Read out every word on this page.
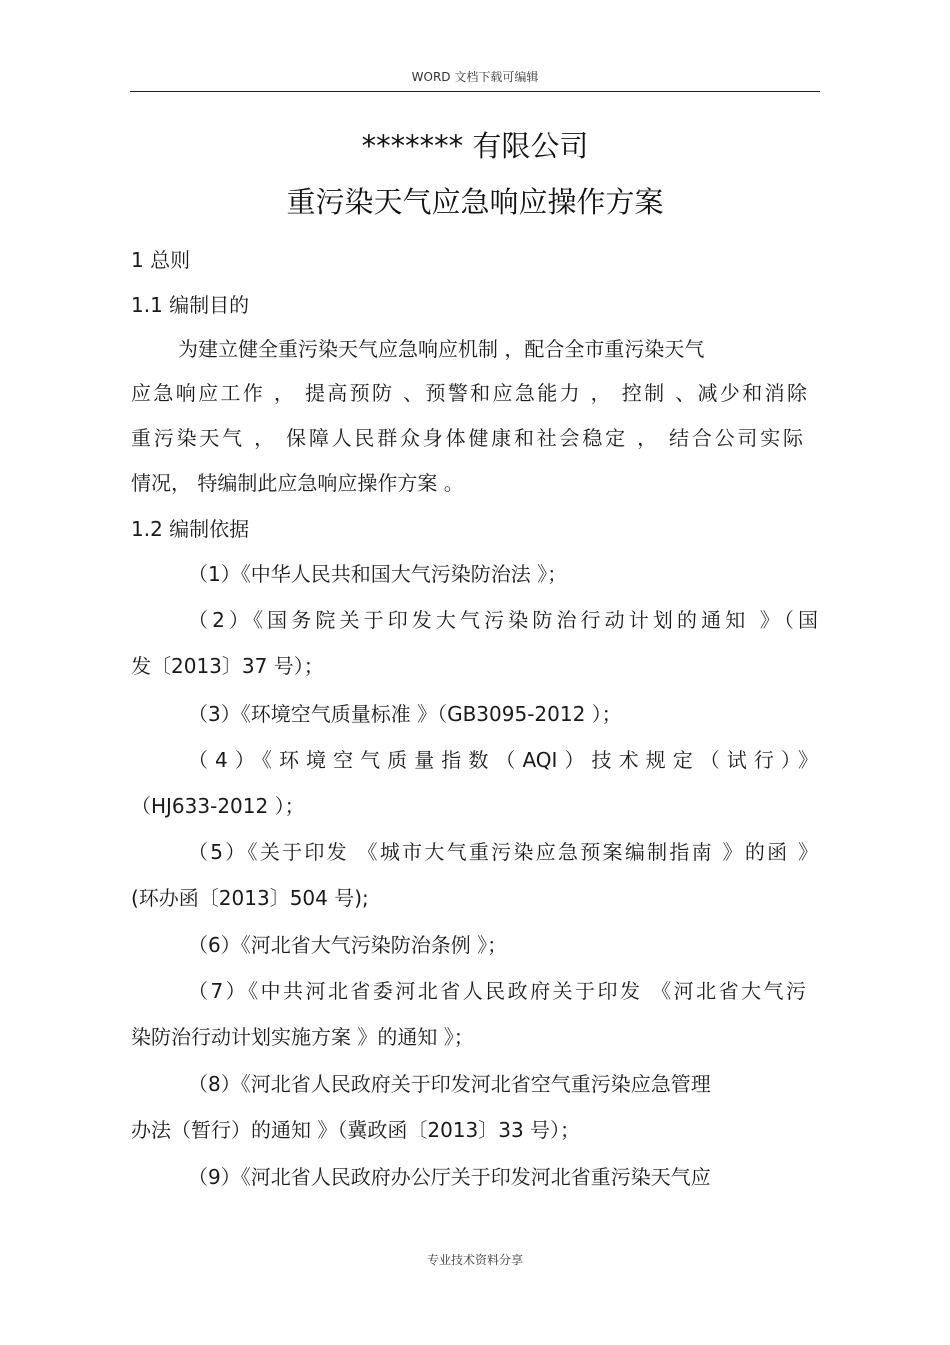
WORD 文档下载可编辑
******* 有限公司
重污染天气应急响应操作方案
1 总则
1.1 编制目的
为建立健全重污染天气应急响应机制 ，配合全市重污染天气
应急响应工作 ， 提高预防 、预警和应急能力 ， 控制 、减少和消除
重污染天气 ， 保障人民群众身体健康和社会稳定 ， 结合公司实际
情况， 特编制此应急响应操作方案 。
1.2 编制依据
（1）《中华人民共和国大气污染防治法 》；
（2）《国务院关于印发大气污染防治行动计划的通知 》（国
发〔2013〕37 号）；
（3）《环境空气质量标准 》（GB3095-2012 ）；
（4）《环境空气质量指数（AQI）技术规定（试行）》
（HJ633-2012 ）；
（5）《关于印发 《城市大气重污染应急预案编制指南 》的函 》
(环办函〔2013〕504 号);
（6）《河北省大气污染防治条例 》；
（7）《中共河北省委河北省人民政府关于印发 《河北省大气污
染防治行动计划实施方案 》的通知 》；
（8）《河北省人民政府关于印发河北省空气重污染应急管理
办法（暂行）的通知 》（冀政函〔2013〕33 号）；
（9）《河北省人民政府办公厅关于印发河北省重污染天气应
专业技术资料分享
